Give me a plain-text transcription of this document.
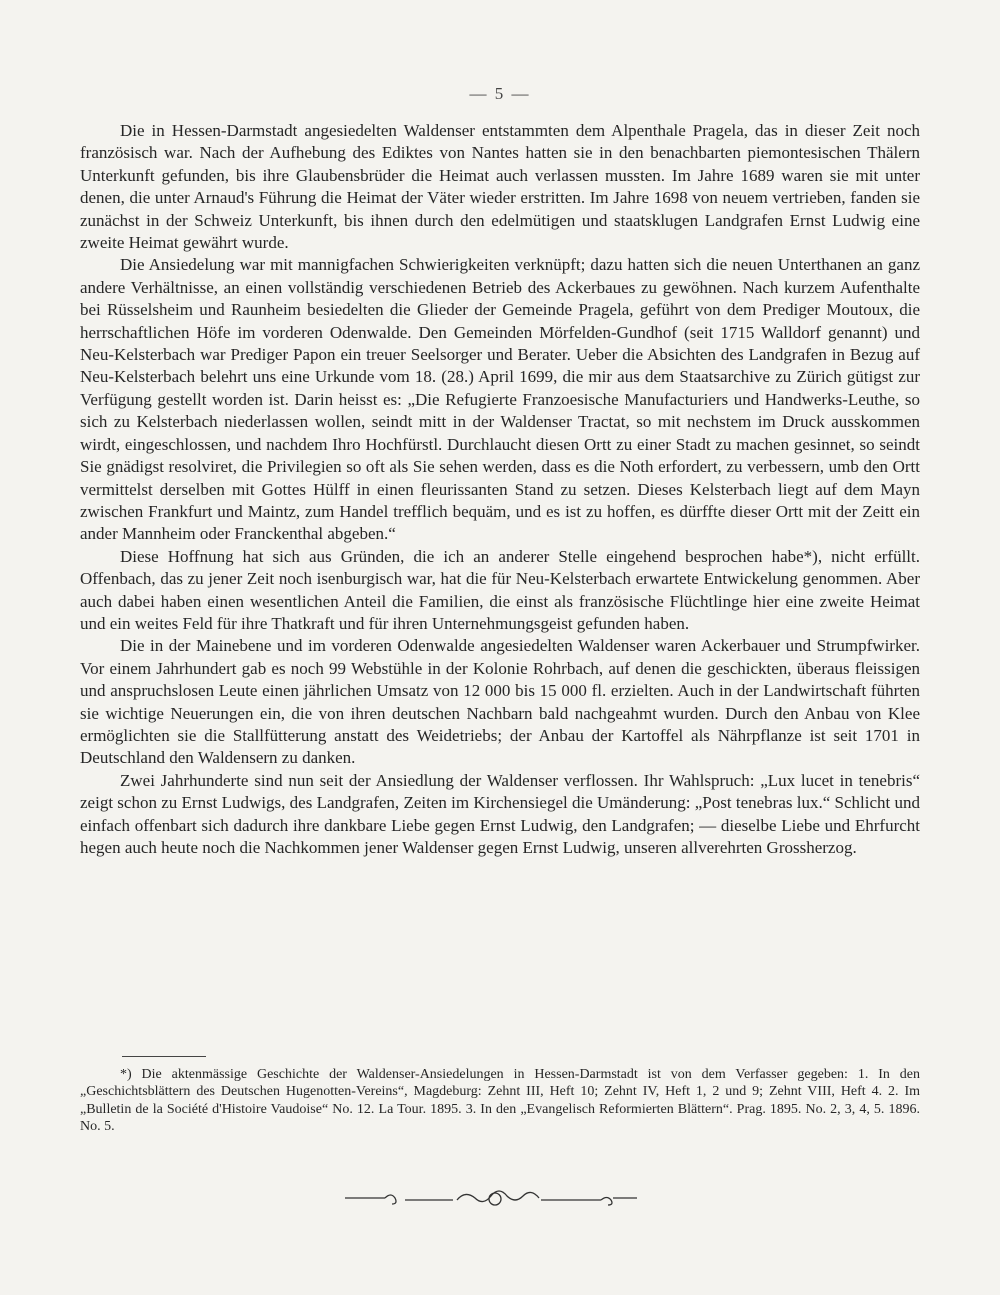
— 5 —

Die in Hessen-Darmstadt angesiedelten Waldenser entstammten dem Alpenthale Pragela, das in dieser Zeit noch französisch war. Nach der Aufhebung des Ediktes von Nantes hatten sie in den benachbarten piemontesischen Thälern Unterkunft gefunden, bis ihre Glaubensbrüder die Heimat auch verlassen mussten. Im Jahre 1689 waren sie mit unter denen, die unter Arnaud's Führung die Heimat der Väter wieder erstritten. Im Jahre 1698 von neuem vertrieben, fanden sie zunächst in der Schweiz Unterkunft, bis ihnen durch den edelmütigen und staatsklugen Landgrafen Ernst Ludwig eine zweite Heimat gewährt wurde.

Die Ansiedelung war mit mannigfachen Schwierigkeiten verknüpft; dazu hatten sich die neuen Unterthanen an ganz andere Verhältnisse, an einen vollständig verschiedenen Betrieb des Ackerbaues zu gewöhnen. Nach kurzem Aufenthalte bei Rüsselsheim und Raunheim besiedelten die Glieder der Gemeinde Pragela, geführt von dem Prediger Moutoux, die herrschaftlichen Höfe im vorderen Odenwalde. Den Gemeinden Mörfelden-Gundhof (seit 1715 Walldorf genannt) und Neu-Kelsterbach war Prediger Papon ein treuer Seelsorger und Berater. Ueber die Absichten des Landgrafen in Bezug auf Neu-Kelsterbach belehrt uns eine Urkunde vom 18. (28.) April 1699, die mir aus dem Staatsarchive zu Zürich gütigst zur Verfügung gestellt worden ist. Darin heisst es: „Die Refugierte Franzoesische Manufacturiers und Handwerks-Leuthe, so sich zu Kelsterbach niederlassen wollen, seindt mitt in der Waldenser Tractat, so mit nechstem im Druck ausskommen wirdt, eingeschlossen, und nachdem Ihro Hochfürstl. Durchlaucht diesen Ortt zu einer Stadt zu machen gesinnet, so seindt Sie gnädigst resolviret, die Privilegien so oft als Sie sehen werden, dass es die Noth erfordert, zu verbessern, umb den Ortt vermittelst derselben mit Gottes Hülff in einen fleurissanten Stand zu setzen. Dieses Kelsterbach liegt auf dem Mayn zwischen Frankfurt und Maintz, zum Handel trefflich bequäm, und es ist zu hoffen, es dürffte dieser Ortt mit der Zeitt ein ander Mannheim oder Franckenthal abgeben.“

Diese Hoffnung hat sich aus Gründen, die ich an anderer Stelle eingehend besprochen habe*), nicht erfüllt. Offenbach, das zu jener Zeit noch isenburgisch war, hat die für Neu-Kelsterbach erwartete Entwickelung genommen. Aber auch dabei haben einen wesentlichen Anteil die Familien, die einst als französische Flüchtlinge hier eine zweite Heimat und ein weites Feld für ihre Thatkraft und für ihren Unternehmungsgeist gefunden haben.

Die in der Mainebene und im vorderen Odenwalde angesiedelten Waldenser waren Ackerbauer und Strumpfwirker. Vor einem Jahrhundert gab es noch 99 Webstühle in der Kolonie Rohrbach, auf denen die geschickten, überaus fleissigen und anspruchslosen Leute einen jährlichen Umsatz von 12 000 bis 15 000 fl. erzielten. Auch in der Landwirtschaft führten sie wichtige Neuerungen ein, die von ihren deutschen Nachbarn bald nachgeahmt wurden. Durch den Anbau von Klee ermöglichten sie die Stallfütterung anstatt des Weidetriebs; der Anbau der Kartoffel als Nährpflanze ist seit 1701 in Deutschland den Waldensern zu danken.

Zwei Jahrhunderte sind nun seit der Ansiedlung der Waldenser verflossen. Ihr Wahlspruch: „Lux lucet in tenebris“ zeigt schon zu Ernst Ludwigs, des Landgrafen, Zeiten im Kirchensiegel die Umänderung: „Post tenebras lux.“ Schlicht und einfach offenbart sich dadurch ihre dankbare Liebe gegen Ernst Ludwig, den Landgrafen; — dieselbe Liebe und Ehrfurcht hegen auch heute noch die Nachkommen jener Waldenser gegen Ernst Ludwig, unseren allverehrten Grossherzog.

*) Die aktenmässige Geschichte der Waldenser-Ansiedelungen in Hessen-Darmstadt ist von dem Verfasser gegeben: 1. In den „Geschichtsblättern des Deutschen Hugenotten-Vereins“, Magdeburg: Zehnt III, Heft 10; Zehnt IV, Heft 1, 2 und 9; Zehnt VIII, Heft 4. 2. Im „Bulletin de la Société d'Histoire Vaudoise“ No. 12. La Tour. 1895. 3. In den „Evangelisch Reformierten Blättern“. Prag. 1895. No. 2, 3, 4, 5. 1896. No. 5.
